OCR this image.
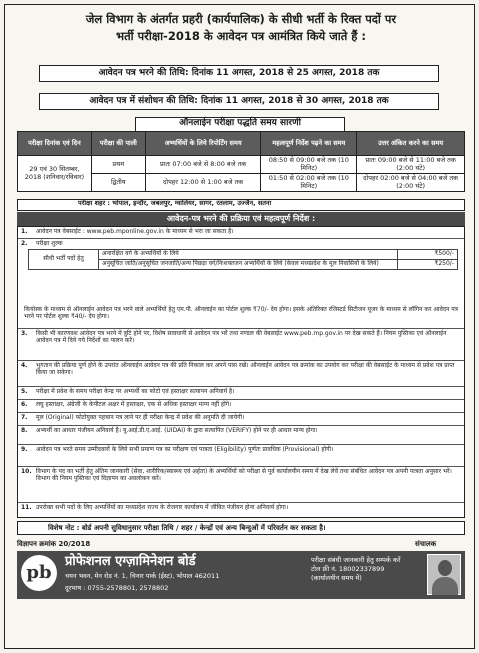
जेल विभाग के अंतर्गत प्रहरी (कार्यपालिक) के सीधी भर्ती के रिक्त पदों पर
भर्ती परीक्षा-2018 के आवेदन पत्र आमंत्रित किये जाते हैं :
आवेदन पत्र भरने की तिथि: दिनांक 11 अगस्त, 2018 से 25 अगस्त, 2018 तक
आवेदन पत्र में संशोधन की तिथि: दिनांक 11 अगस्त, 2018 से 30 अगस्त, 2018 तक
ऑनलाईन परीक्षा पद्धति समय सारणी
परीक्षा दिनांक एवं दिन	परीक्षा की पाली	अभ्यर्थियों के लिये रिपोर्टिंग समय	महत्वपूर्ण निर्देश पढ़ने का समय	उत्तर अंकित करने का समय
29 एवं 30 सितम्बर, 2018 (शनिवार/रविवार)	प्रथम	प्रातः 07:00 बजे से 8:00 बजे तक	08:50 से 09:00 बजे तक (10 मिनिट)	प्रातः 09:00 बजे से 11:00 बजे तक (2:00 घंटे)
	द्वितीय	दोपहर 12:00 से 1:00 बजे तक	01:50 से 02:00 बजे तक (10 मिनिट)	दोपहर 02:00 बजे से 04:00 बजे तक (2:00 घंटे)
परीक्षा शहर : भोपाल, इन्दौर, जबलपुर, ग्वालियर, सागर, रतलाम, उज्जैन, सतना
आवेदन-पत्र भरने की प्रक्रिया एवं महत्वपूर्ण निर्देश :
1. आवेदन पत्र वेबसाईट : www.peb.mponline.gov.in के माध्यम से भरा जा सकता है।
2. परीक्षा शुल्क
सीधी भर्ती पदों हेतु	अनारक्षित वर्ग के अभ्यर्थियों के लिये	₹500/-
	अनुसूचित जाति/अनुसूचित जनजाति/अन्य पिछड़ा वर्ग/निःशक्तजन अभ्यर्थियों के लिये (केवल मध्यप्रदेश के मूल निवासियों के लिये)	₹250/-
कियोस्क के माध्यम से ऑनलाईन आवेदन पत्र भरने वाले अभ्यर्थियों हेतु एम.पी. ऑनलाईन का पोर्टल शुल्क ₹70/- देय होगा। इसके अतिरिक्त रजिस्टर्ड सिटीजन यूजर के माध्यम से लॉगिन कर आवेदन पत्र भरने पर पोर्टल शुल्क ₹40/- देय होगा।
3. किसी भी कारणवश आवेदन पत्र भरने में त्रुटि होने पर, विशेष सावधानी से आवेदन पत्र भरें तथा मण्डल की वेबसाईट www.peb.mp.gov.in पर देख सकते हैं। नियम पुस्तिका एवं ऑनलाईन आवेदन पत्र में दिये गये निर्देशों का पालन करें।
4. भुगतान की प्रक्रिया पूर्ण होने के उपरांत ऑनलाईन आवेदन पत्र की प्रति निकाल कर अपने पास रखें। ऑनलाईन आवेदन पत्र क्रमांक का उपयोग कर परीक्षा की वेबसाईट के माध्यम से प्रवेश पत्र प्राप्त किया जा सकेगा।
5. परीक्षा में प्रवेश के समय परीक्षा केन्द्र पर अभ्यर्थी का फोटो एवं हस्ताक्षर सत्यापन अनिवार्य है।
6. लघु हस्ताक्षर, अंग्रेजी के केपीटल अक्षर में हस्ताक्षर, एक से अधिक हस्ताक्षर मान्य नहीं होंगे।
7. मूल (Original) फोटोयुक्त पहचान पत्र लाने पर ही परीक्षा केन्द्र में प्रवेश की अनुमति दी जायेगी।
8. अभ्यर्थी का आधार पंजीयन अनिवार्य है। यू.आई.डी.ए.आई. (UIDAI) के द्वारा सत्यापित (VERIFY) होने पर ही आधार मान्य होगा।
9. आवेदन पत्र भरते समय उम्मीदवारों के लिये सभी प्रमाण पत्र का परीक्षण एवं पात्रता (Eligibility) पूर्णतः प्रावधिक (Provisional) होगी।
10. विभाग के पद का भर्ती हेतु अंतिम जानकारी (सेवा, शारीरिक/स्वास्थ्य एवं अर्हता) के अभ्यर्थियों को परीक्षा से पूर्व कार्यालयीन समय में देख लेवें तथा संबंधित आवेदन पत्र अपनी पात्रता अनुसार भरें। विभाग की नियम पुस्तिका एवं विज्ञापन का अवलोकन करें।
11. उपरोक्त सभी पदों के लिए अभ्यर्थियों का मध्यप्रदेश राज्य के रोजगार कार्यालय में जीवित पंजीयन होना अनिवार्य होगा।
विशेष नोट : बोर्ड अपनी सुविधानुसार परीक्षा तिथि / शहर / केन्द्रों एवं अन्य बिन्दुओं में परिवर्तन कर सकता है।
विज्ञापन क्रमांक 20/2018	संचालक
pb
प्रोफेशनल एग्ज़ामिनेशन बोर्ड
चयन भवन, मेन रोड नं. 1, चिनार पार्क (ईस्ट), भोपाल 462011
दूरभाष : 0755-2578801, 2578802
परीक्षा संबंधी जानकारी हेतु सम्पर्क करें
टोल फ्री नं. 18002337899
(कार्यालयीन समय में)
